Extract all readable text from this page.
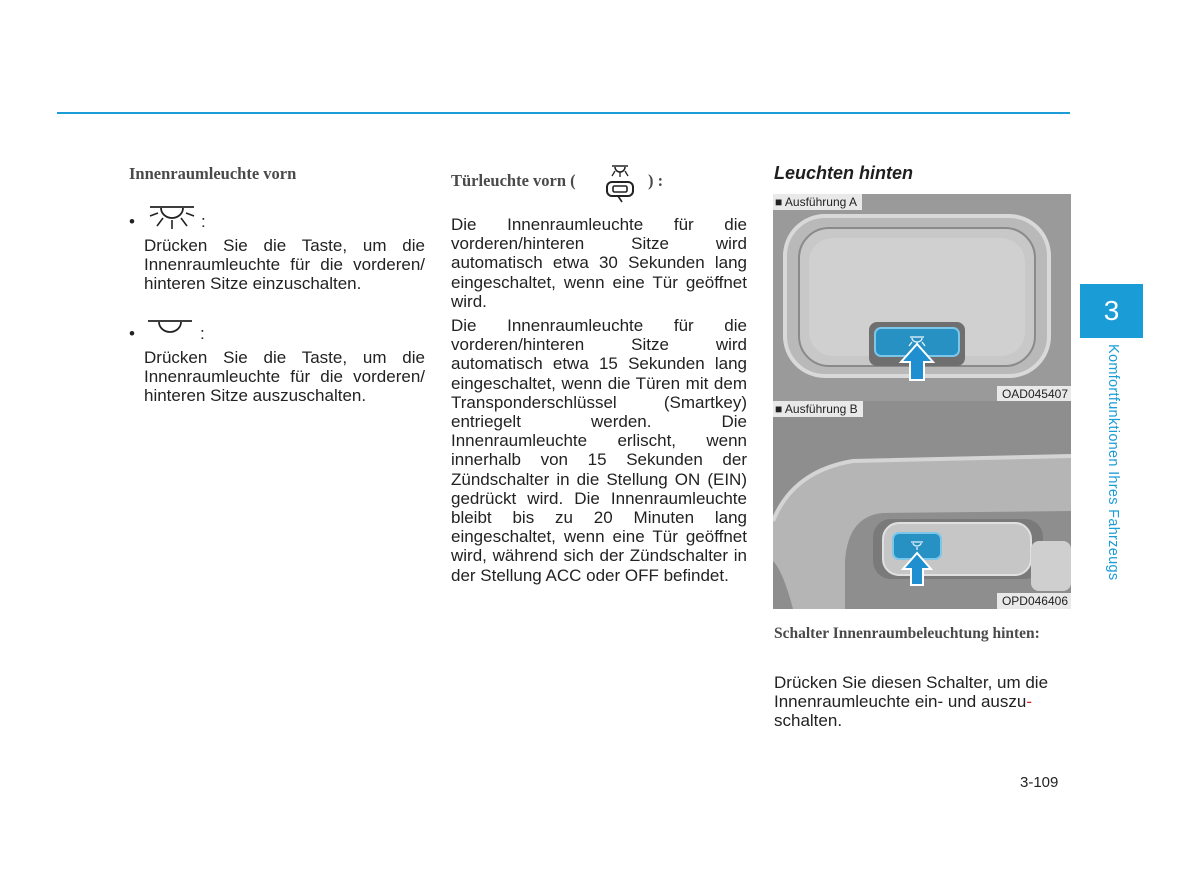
Innenraumleuchte vorn
•	:
Drücken Sie die Taste, um die Innenraumleuchte für die vorderen/ hinteren Sitze einzuschalten.
•	:
Drücken Sie die Taste, um die Innenraumleuchte für die vorderen/ hinteren Sitze auszuschalten.
Türleuchte vorn (	) :
Die Innenraumleuchte für die vorderen/hinteren Sitze wird automatisch etwa 30 Sekunden lang eingeschaltet, wenn eine Tür geöffnet wird.
Die Innenraumleuchte für die vorderen/hinteren Sitze wird automatisch etwa 15 Sekunden lang eingeschaltet, wenn die Türen mit dem Transponderschlüssel (Smartkey) entriegelt werden. Die Innenraumleuchte erlischt, wenn innerhalb von 15 Sekunden der Zündschalter in die Stellung ON (EIN) gedrückt wird. Die Innenraumleuchte bleibt bis zu 20 Minuten lang eingeschaltet, wenn eine Tür geöffnet wird, während sich der Zündschalter in der Stellung ACC oder OFF befindet.
Leuchten hinten
■ Ausführung A
OAD045407
■ Ausführung B
OPD046406
Schalter Innenraumbeleuchtung hinten:
Drücken Sie diesen Schalter, um die
Innenraumleuchte ein- und auszu-
schalten.
3
Komfortfunktionen Ihres Fahrzeugs
3-109
